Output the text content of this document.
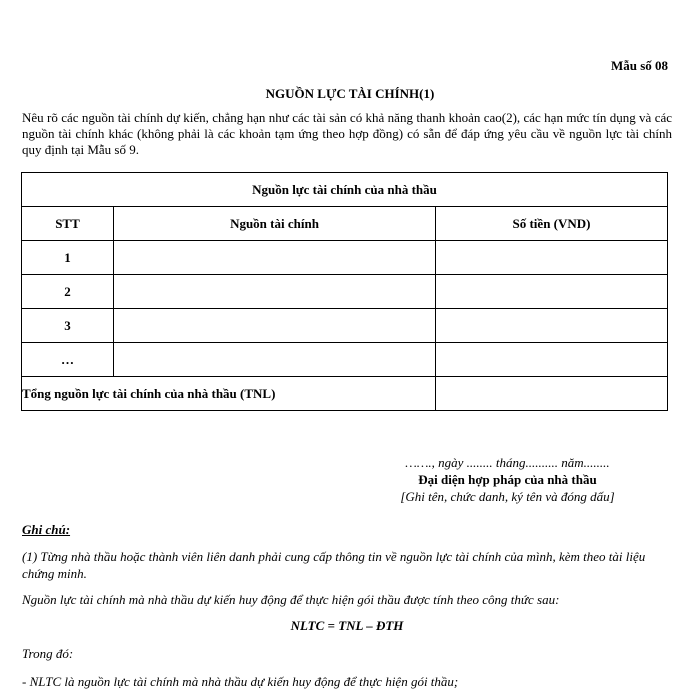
Mẫu số 08
NGUỒN LỰC TÀI CHÍNH(1)
Nêu rõ các nguồn tài chính dự kiến, chẳng hạn như các tài sản có khả năng thanh khoản cao(2), các hạn mức tín dụng và các nguồn tài chính khác (không phải là các khoản tạm ứng theo hợp đồng) có sẵn để đáp ứng yêu cầu về nguồn lực tài chính quy định tại Mẫu số 9.
Nguồn lực tài chính của nhà thầu		
STT	Nguồn tài chính	Số tiền (VND)
1		
2		
3		
…		
Tổng nguồn lực tài chính của nhà thầu (TNL)		
……., ngày ........ tháng.......... năm........
Đại diện hợp pháp của nhà thầu
[Ghi tên, chức danh, ký tên và đóng dấu]

Ghi chú:

(1) Từng nhà thầu hoặc thành viên liên danh phải cung cấp thông tin về nguồn lực tài chính của mình, kèm theo tài liệu chứng minh.

Nguồn lực tài chính mà nhà thầu dự kiến huy động để thực hiện gói thầu được tính theo công thức sau:

NLTC = TNL – ĐTH

Trong đó:

- NLTC là nguồn lực tài chính mà nhà thầu dự kiến huy động để thực hiện gói thầu;
